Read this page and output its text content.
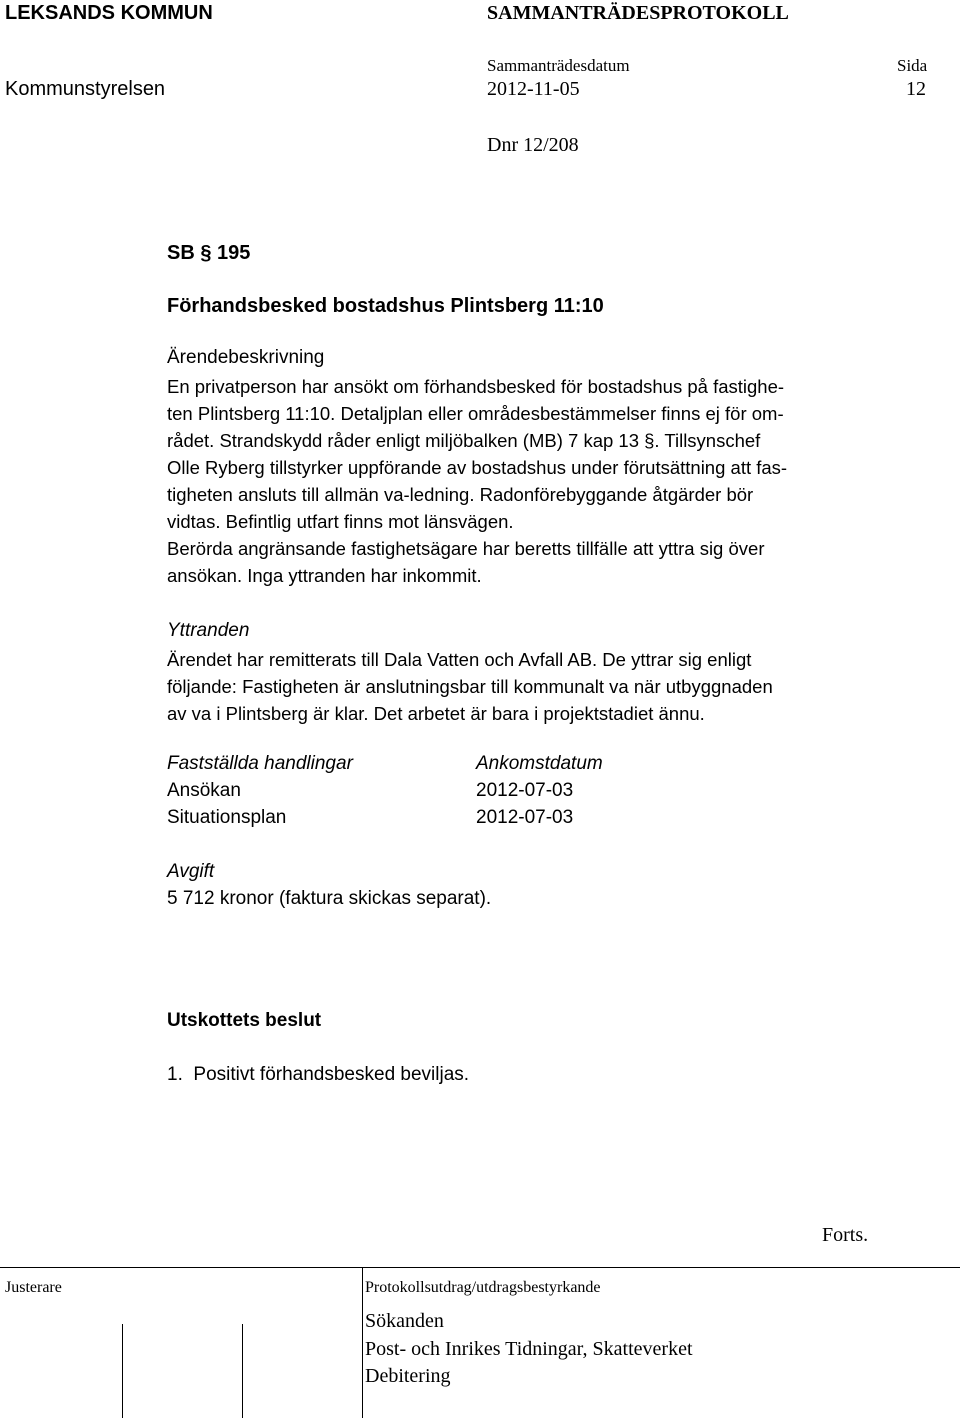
LEKSANDS KOMMUN	SAMMANTRÄDESPROTOKOLL
Sammanträdesdatum	Sida
Kommunstyrelsen	2012-11-05	12
Dnr 12/208
SB § 195
Förhandsbesked bostadshus Plintsberg 11:10
Ärendebeskrivning
En privatperson har ansökt om förhandsbesked för bostadshus på fastighe-
ten Plintsberg 11:10. Detaljplan eller områdesbestämmelser finns ej för om-
rådet. Strandskydd råder enligt miljöbalken (MB) 7 kap 13 §. Tillsynschef
Olle Ryberg tillstyrker uppförande av bostadshus under förutsättning att fas-
tigheten ansluts till allmän va-ledning. Radonförebyggande åtgärder bör
vidtas. Befintlig utfart finns mot länsvägen.
Berörda angränsande fastighetsägare har beretts tillfälle att yttra sig över
ansökan. Inga yttranden har inkommit.
Yttranden
Ärendet har remitterats till Dala Vatten och Avfall AB. De yttrar sig enligt
följande: Fastigheten är anslutningsbar till kommunalt va när utbyggnaden
av va i Plintsberg är klar. Det arbetet är bara i projektstadiet ännu.
Fastställda handlingar	Ankomstdatum
Ansökan	2012-07-03
Situationsplan	2012-07-03
Avgift
5 712 kronor (faktura skickas separat).
Utskottets beslut
1.  Positivt förhandsbesked beviljas.
Forts.
Justerare	Protokollsutdrag/utdragsbestyrkande
Sökanden
Post- och Inrikes Tidningar, Skatteverket
Debitering
